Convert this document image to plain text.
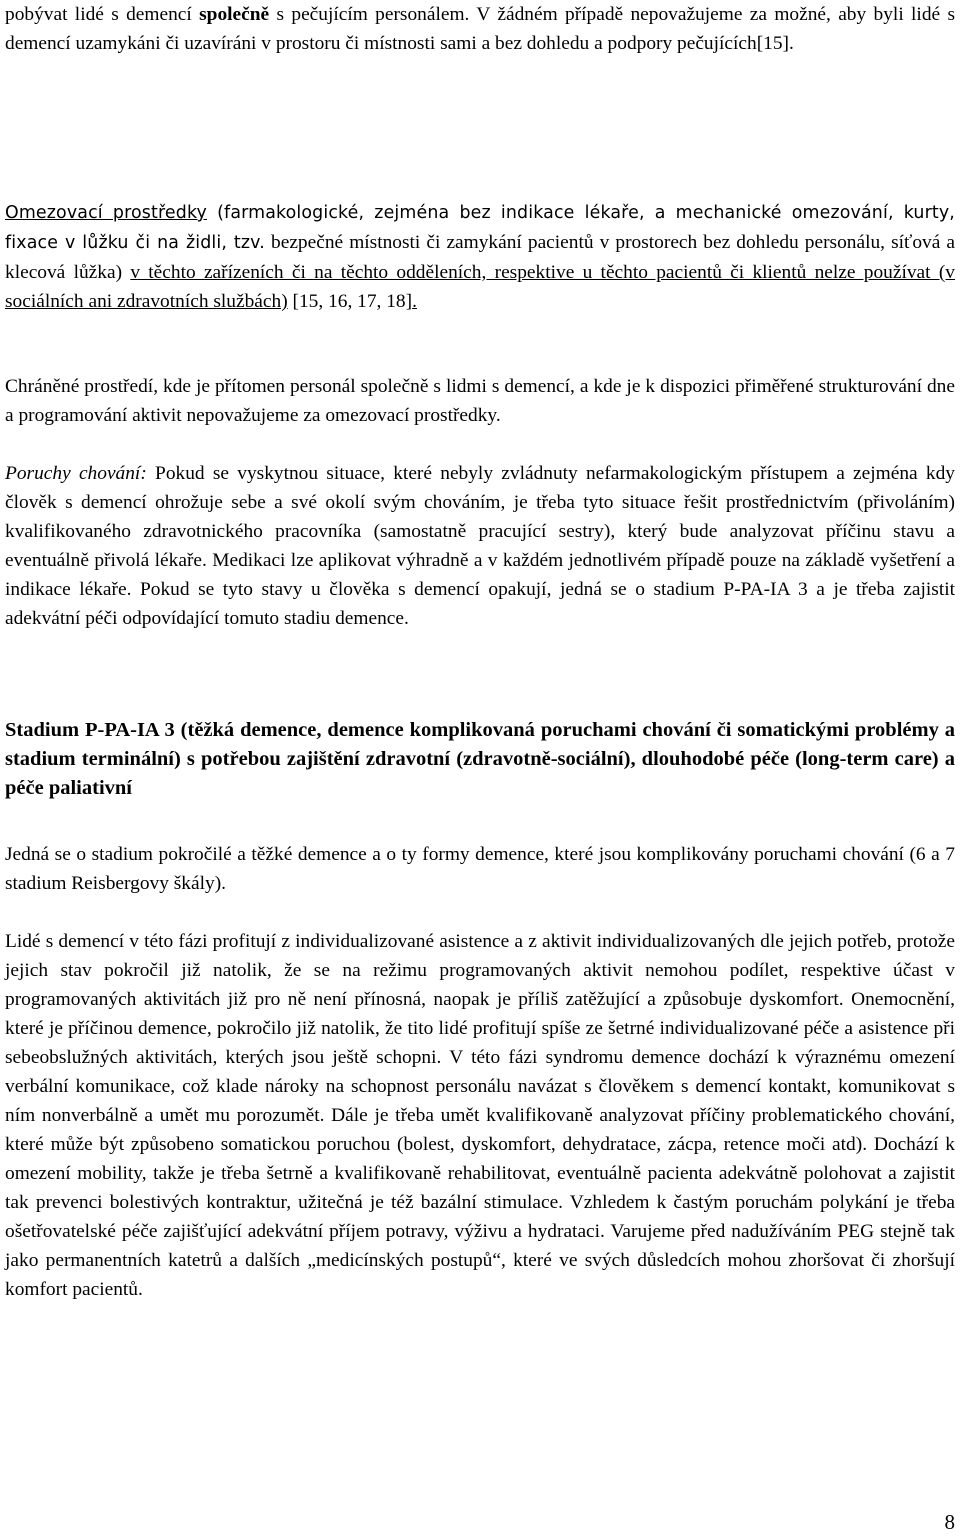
pobývat lidé s demencí společně s pečujícím personálem. V žádném případě nepovažujeme za možné, aby byli lidé s demencí uzamykáni či uzavíráni v prostoru či místnosti sami a bez dohledu a podpory pečujících[15].

Omezovací prostředky (farmakologické, zejména bez indikace lékaře, a mechanické omezování, kurty, fixace v lůžku či na židli, tzv. bezpečné místnosti či zamykání pacientů v prostorech bez dohledu personálu, síťová a klecová lůžka) v těchto zařízeních či na těchto odděleních, respektive u těchto pacientů či klientů nelze používat (v sociálních ani zdravotních službách) [15, 16, 17, 18].

Chráněné prostředí, kde je přítomen personál společně s lidmi s demencí, a kde je k dispozici přiměřené strukturování dne a programování aktivit nepovažujeme za omezovací prostředky.

Poruchy chování: Pokud se vyskytnou situace, které nebyly zvládnuty nefarmakologickým přístupem a zejména kdy člověk s demencí ohrožuje sebe a své okolí svým chováním, je třeba tyto situace řešit prostřednictvím (přivoláním) kvalifikovaného zdravotnického pracovníka (samostatně pracující sestry), který bude analyzovat příčinu stavu a eventuálně přivolá lékaře. Medikaci lze aplikovat výhradně a v každém jednotlivém případě pouze na základě vyšetření a indikace lékaře. Pokud se tyto stavy u člověka s demencí opakují, jedná se o stadium P-PA-IA 3 a je třeba zajistit adekvátní péči odpovídající tomuto stadiu demence.

Stadium P-PA-IA 3 (těžká demence, demence komplikovaná poruchami chování či somatickými problémy a stadium terminální) s potřebou zajištění zdravotní (zdravotně-sociální), dlouhodobé péče (long-term care) a péče paliativní

Jedná se o stadium pokročilé a těžké demence a o ty formy demence, které jsou komplikovány poruchami chování (6 a 7 stadium Reisbergovy škály).

Lidé s demencí v této fázi profitují z individualizované asistence a z aktivit individualizovaných dle jejich potřeb, protože jejich stav pokročil již natolik, že se na režimu programovaných aktivit nemohou podílet, respektive účast v programovaných aktivitách již pro ně není přínosná, naopak je příliš zatěžující a způsobuje dyskomfort. Onemocnění, které je příčinou demence, pokročilo již natolik, že tito lidé profitují spíše ze šetrné individualizované péče a asistence při sebeobslužných aktivitách, kterých jsou ještě schopni. V této fázi syndromu demence dochází k výraznému omezení verbální komunikace, což klade nároky na schopnost personálu navázat s člověkem s demencí kontakt, komunikovat s ním nonverbálně a umět mu porozumět. Dále je třeba umět kvalifikovaně analyzovat příčiny problematického chování, které může být způsobeno somatickou poruchou (bolest, dyskomfort, dehydratace, zácpa, retence moči atd). Dochází k omezení mobility, takže je třeba šetrně a kvalifikovaně rehabilitovat, eventuálně pacienta adekvátně polohovat a zajistit tak prevenci bolestivých kontraktur, užitečná je též bazální stimulace. Vzhledem k častým poruchám polykání je třeba ošetřovatelské péče zajišťující adekvátní příjem potravy, výživu a hydrataci. Varujeme před nadužíváním PEG stejně tak jako permanentních katetrů a dalších „medicínských postupů“, které ve svých důsledcích mohou zhoršovat či zhoršují komfort pacientů.

8
